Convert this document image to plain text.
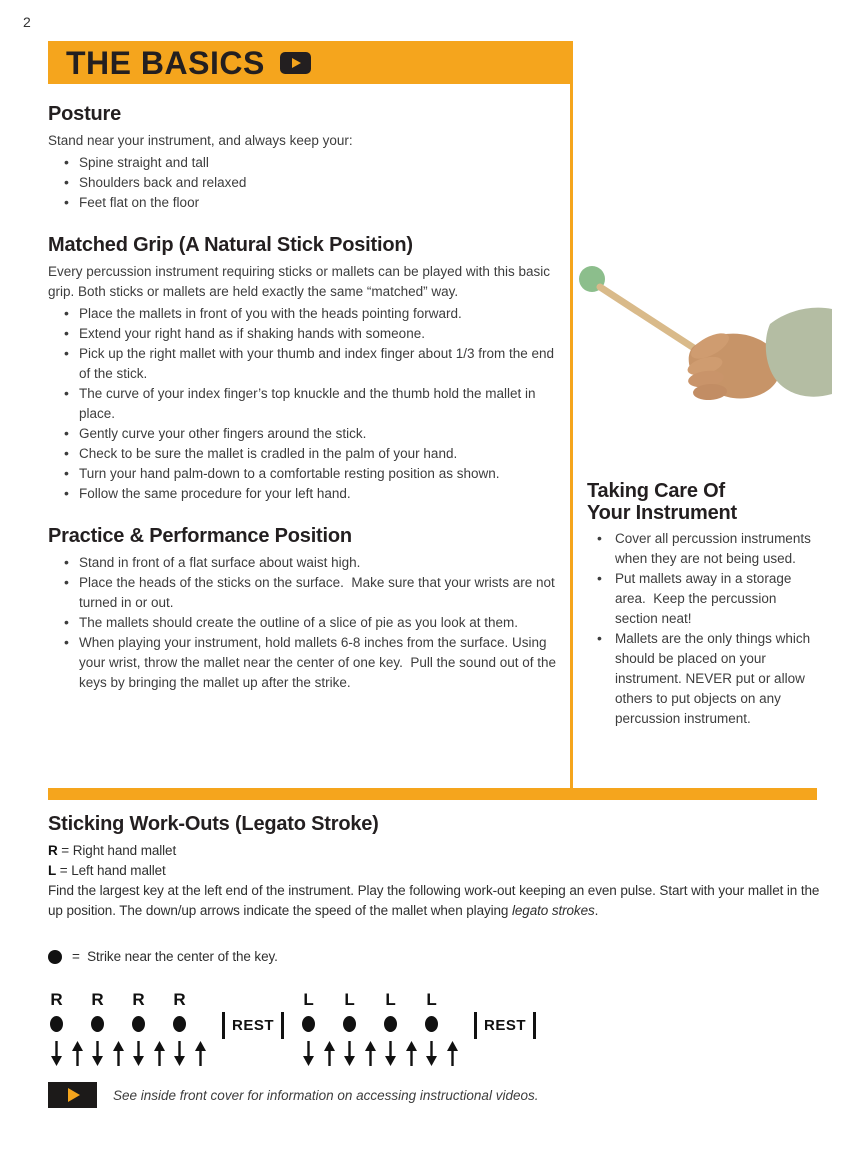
2
THE BASICS
Posture

Stand near your instrument, and always keep your:

• Spine straight and tall
• Shoulders back and relaxed
• Feet flat on the floor
Matched Grip (A Natural Stick Position)

Every percussion instrument requiring sticks or mallets can be played with this basic grip. Both sticks or mallets are held exactly the same “matched” way.

• Place the mallets in front of you with the heads pointing forward.
• Extend your right hand as if shaking hands with someone.
• Pick up the right mallet with your thumb and index finger about 1/3 from the end of the stick.
• The curve of your index finger’s top knuckle and the thumb hold the mallet in place.
• Gently curve your other fingers around the stick.
• Check to be sure the mallet is cradled in the palm of your hand.
• Turn your hand palm-down to a comfortable resting position as shown.
• Follow the same procedure for your left hand.
Practice & Performance Position
• Stand in front of a flat surface about waist high.
• Place the heads of the sticks on the surface.  Make sure that your wrists are not turned in or out.
• The mallets should create the outline of a slice of pie as you look at them.
• When playing your instrument, hold mallets 6-8 inches from the surface. Using your wrist, throw the mallet near the center of one key.  Pull the sound out of the keys by bringing the mallet up after the strike.
Taking Care Of
Your Instrument
• Cover all percussion instruments when they are not being used.
• Put mallets away in a storage area.  Keep the percussion section neat!
• Mallets are the only things which should be placed on your instrument. NEVER put or allow others to put objects on any percussion instrument.
Sticking Work-Outs (Legato Stroke)
R = Right hand mallet
L = Left hand mallet

Find the largest key at the left end of the instrument. Play the following work-out keeping an even pulse. Start with your mallet in the up position. The down/up arrows indicate the speed of the mallet when playing legato strokes.

=  Strike near the center of the key.
R R R R
REST
L L L L
REST
See inside front cover for information on accessing instructional videos.
